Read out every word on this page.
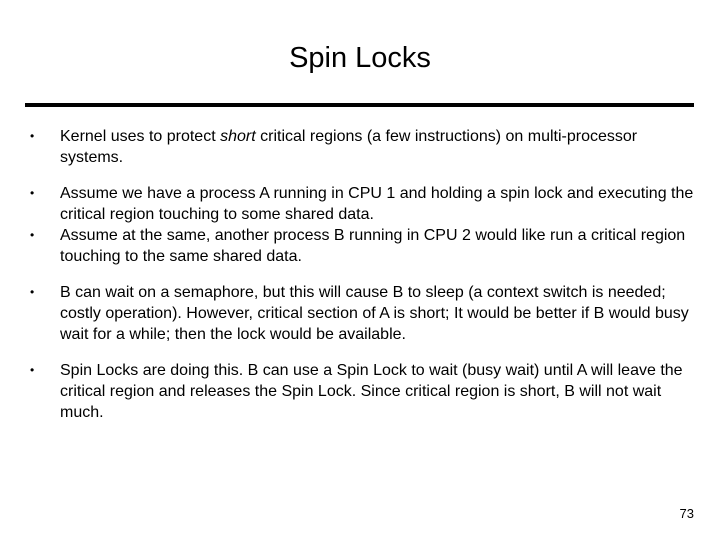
Spin Locks
•	Kernel uses to protect short critical regions (a few instructions) on multi-processor systems.
•	Assume we have a process A running in CPU 1 and holding a spin lock and executing the critical region touching to some shared data.
•	Assume at the same, another process B running in CPU 2 would like run a critical region touching to the same shared data.
•	B can wait on a semaphore, but this will cause B to sleep (a context switch is needed; costly operation). However, critical section of A is short; It would be better if B would busy wait for a while; then the lock would be available.
•	Spin Locks are doing this. B can use a Spin Lock to wait (busy wait) until A will leave the critical region and releases the Spin Lock. Since critical region is short, B will not wait much.
73
